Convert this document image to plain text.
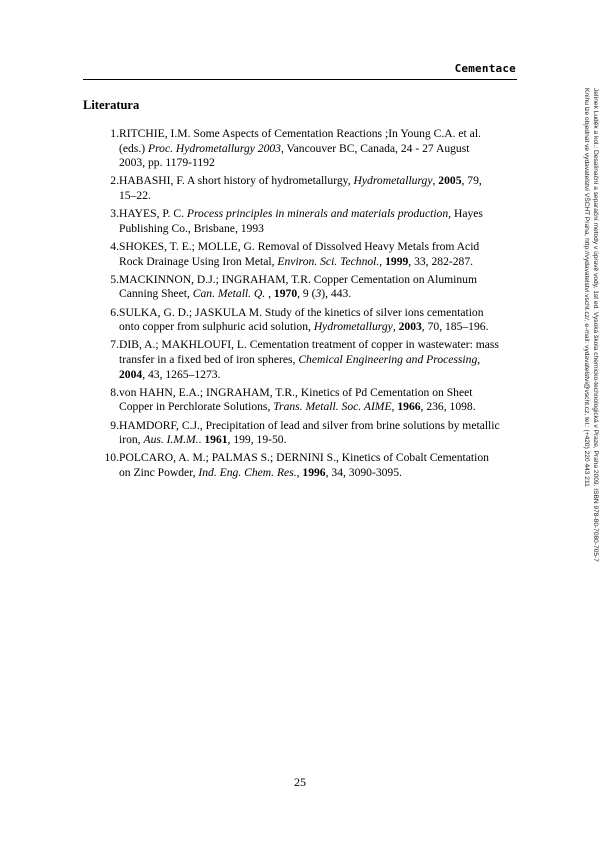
Cementace
Literatura
1. RITCHIE, I.M. Some Aspects of Cementation Reactions ;In Young C.A. et al.
(eds.) Proc. Hydrometallurgy 2003, Vancouver BC, Canada, 24 - 27 August
2003, pp. 1179-1192
2. HABASHI, F. A short history of hydrometallurgy, Hydrometallurgy, 2005, 79,
15–22.
3. HAYES, P. C. Process principles in minerals and materials production, Hayes
Publishing Co., Brisbane, 1993
4. SHOKES, T. E.; MOLLE, G. Removal of Dissolved Heavy Metals from Acid
Rock Drainage Using Iron Metal, Environ. Sci. Technol., 1999, 33, 282-287.
5. MACKINNON, D.J.; INGRAHAM, T.R. Copper Cementation on Aluminum
Canning Sheet, Can. Metall. Q. , 1970, 9 (3), 443.
6. SULKA, G. D.; JASKULA M. Study of the kinetics of silver ions cementation
onto copper from sulphuric acid solution, Hydrometallurgy, 2003, 70, 185–196.
7. DIB, A.; MAKHLOUFI, L. Cementation treatment of copper in wastewater: mass
transfer in a fixed bed of iron spheres, Chemical Engineering and Processing,
2004, 43, 1265–1273.
8. von HAHN, E.A.; INGRAHAM, T.R., Kinetics of Pd Cementation on Sheet
Copper in Perchlorate Solutions, Trans. Metall. Soc. AIME, 1966, 236, 1098.
9. HAMDORF, C.J., Precipitation of lead and silver from brine solutions by metallic
iron, Aus. I.M.M.. 1961, 199, 19-50.
10. POLCARO, A. M.; PALMAS S.; DERNINI S., Kinetics of Cobalt Cementation
on Zinc Powder, Ind. Eng. Chem. Res., 1996, 34, 3090-3095.	Jelínek Luděk a kol.: Desalinační a separační metody v úpravě vody, 1st ed. Vysoká škola chemicko-technologická v Praze, Praha 2009, ISBN 978-80-7080-705-7
Knihu lze objednat ve vydavatelství VŠCHT Praha, http://vydavatelstvi.vscht.cz/, e-mail: vydavatelstvi@vscht.cz, tel.: (+420) 220 443 211
25
